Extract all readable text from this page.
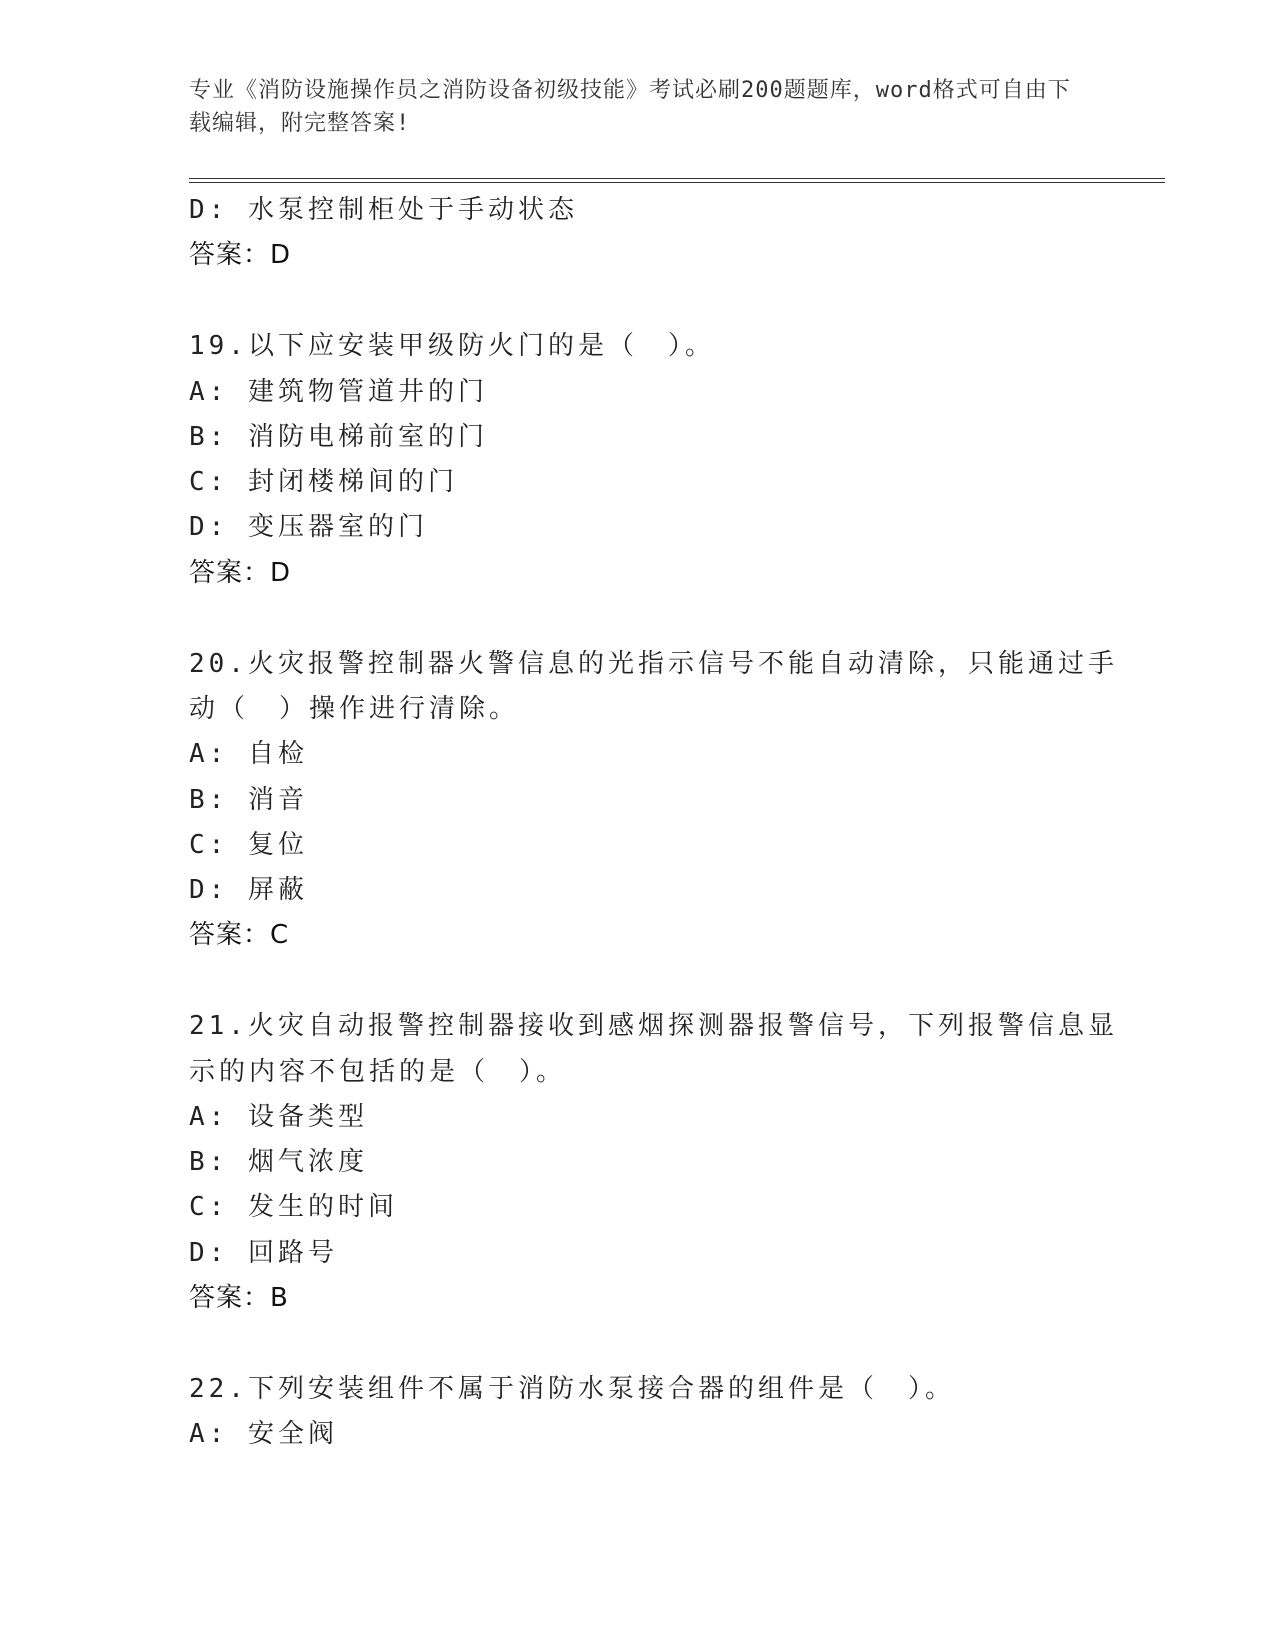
专业《消防设施操作员之消防设备初级技能》考试必刷200题题库，word格式可自由下载编辑，附完整答案!
D: 水泵控制柜处于手动状态
答案：D
19.以下应安装甲级防火门的是（　）。
A: 建筑物管道井的门
B: 消防电梯前室的门
C: 封闭楼梯间的门
D: 变压器室的门
答案：D
20.火灾报警控制器火警信息的光指示信号不能自动清除，只能通过手
动（　）操作进行清除。
A: 自检
B: 消音
C: 复位
D: 屏蔽
答案：C
21.火灾自动报警控制器接收到感烟探测器报警信号，下列报警信息显
示的内容不包括的是（　）。
A: 设备类型
B: 烟气浓度
C: 发生的时间
D: 回路号
答案：B
22.下列安装组件不属于消防水泵接合器的组件是（　）。
A: 安全阀
